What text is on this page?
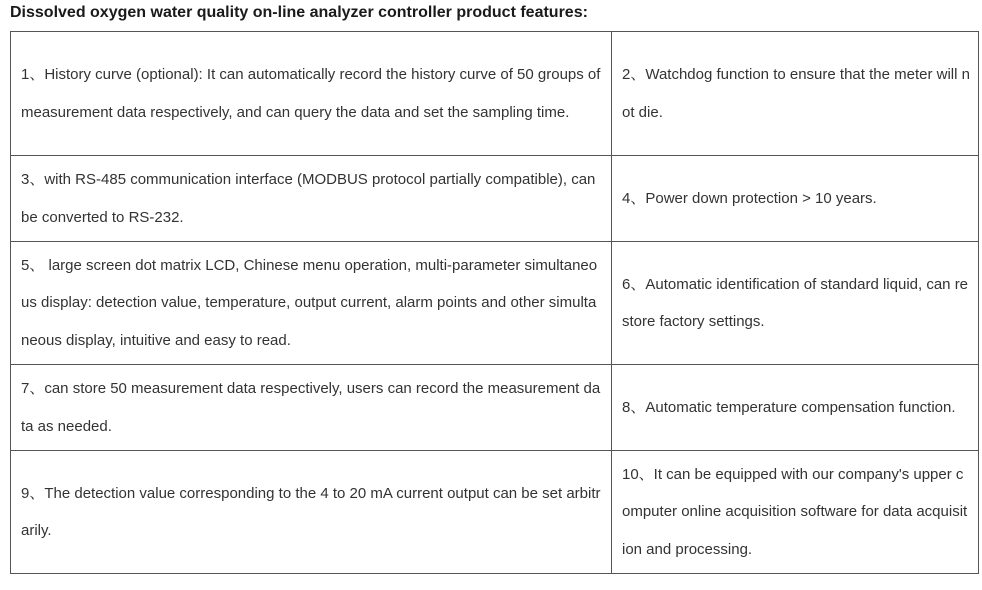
Dissolved oxygen water quality on-line analyzer controller product features:
1、History curve (optional): It can automatically record the history curve of 50 groups of measurement data respectively, and can query the data and set the sampling time.	2、Watchdog function to ensure that the meter will not die.

3、with RS-485 communication interface (MODBUS protocol partially compatible), can be converted to RS-232.	4、Power down protection > 10 years.

5、 large screen dot matrix LCD, Chinese menu operation, multi-parameter simultaneous display: detection value, temperature, output current, alarm points and other simultaneous display, intuitive and easy to read.	6、Automatic identification of standard liquid, can restore factory settings.

7、can store 50 measurement data respectively, users can record the measurement data as needed.	8、Automatic temperature compensation function.

9、The detection value corresponding to the 4 to 20 mA current output can be set arbitrarily.	10、It can be equipped with our company's upper computer online acquisition software for data acquisition and processing.
